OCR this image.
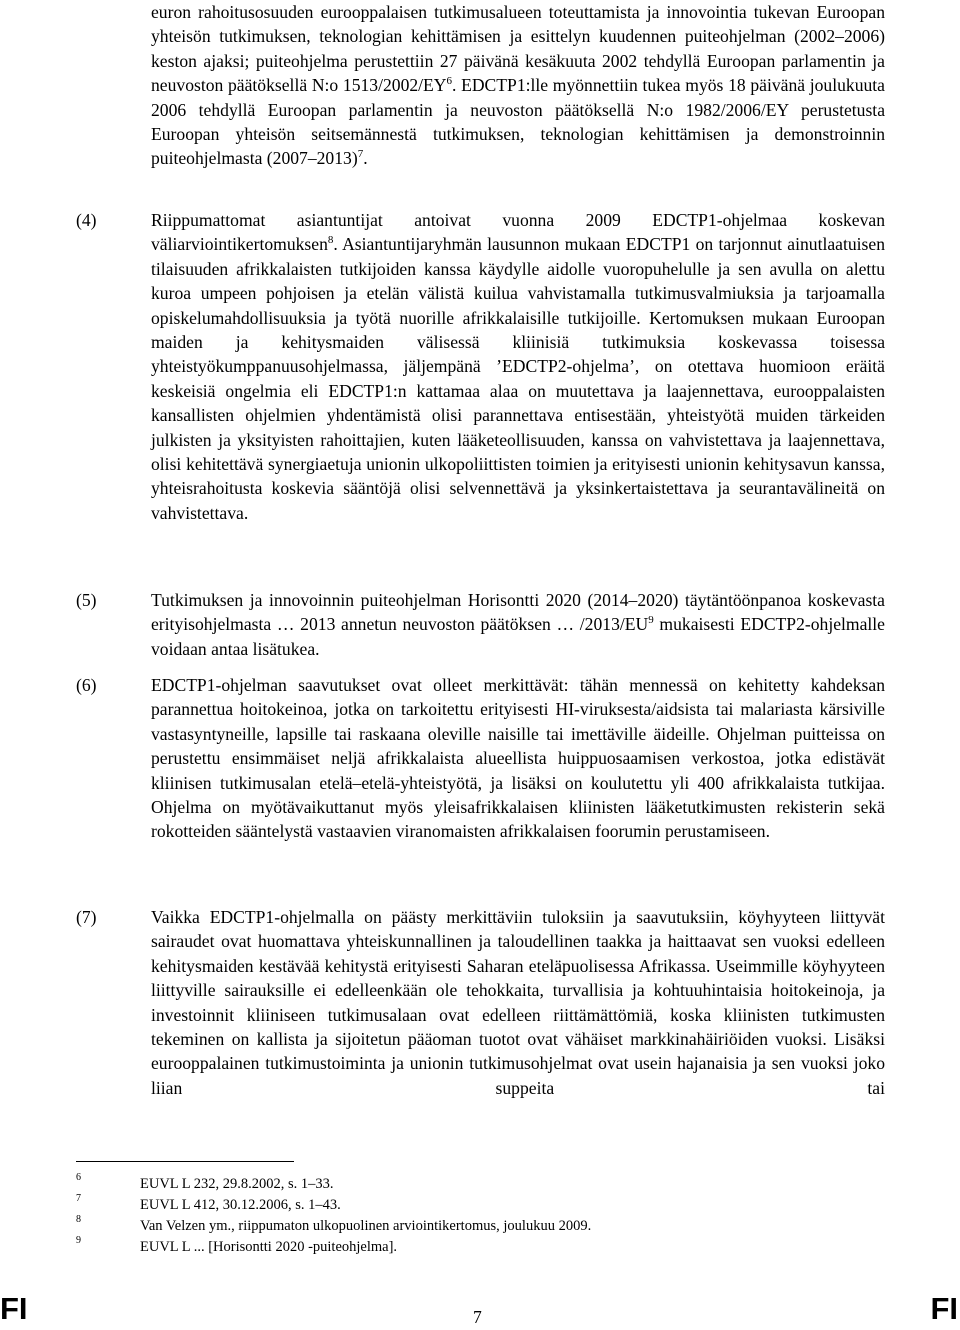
euron rahoitusosuuden eurooppalaisen tutkimusalueen toteuttamista ja innovointia tukevan Euroopan yhteisön tutkimuksen, teknologian kehittämisen ja esittelyn kuudennen puiteohjelman (2002–2006) keston ajaksi; puiteohjelma perustettiin 27 päivänä kesäkuuta 2002 tehdyllä Euroopan parlamentin ja neuvoston päätöksellä N:o $1513/2002/EY^6$. EDCTP1:lle myönnettiin tukea myös 18 päivänä joulukuuta 2006 tehdyllä Euroopan parlamentin ja neuvoston päätöksellä N:o 1982/2006/EY perustetusta Euroopan yhteisön seitsemännestä tutkimuksen, teknologian kehittämisen ja demonstroinnin puiteohjelmasta (2007–2013)$^7$.

(4)	Riippumattomat asiantuntijat antoivat vuonna 2009 EDCTP1-ohjelmaa koskevan väliarviointikertomuksen$^8$. Asiantuntijaryhmän lausunnon mukaan EDCTP1 on tarjonnut ainutlaatuisen tilaisuuden afrikkalaisten tutkijoiden kanssa käydylle aidolle vuoropuhelulle ja sen avulla on alettu kuroa umpeen pohjoisen ja etelän välistä kuilua vahvistamalla tutkimusvalmiuksia ja tarjoamalla opiskelumahdollisuuksia ja työtä nuorille afrikkalaisille tutkijoille. Kertomuksen mukaan Euroopan maiden ja kehitysmaiden välisessä kliinisiä tutkimuksia koskevassa toisessa yhteistyökumppanuusohjelmassa, jäljempänä ’EDCTP2-ohjelma’, on otettava huomioon eräitä keskeisiä ongelmia eli EDCTP1:n kattamaa alaa on muutettava ja laajennettava, eurooppalaisten kansallisten ohjelmien yhdentämistä olisi parannettava entisestään, yhteistyötä muiden tärkeiden julkisten ja yksityisten rahoittajien, kuten lääketeollisuuden, kanssa on vahvistettava ja laajennettava, olisi kehitettävä synergiaetuja unionin ulkopoliittisten toimien ja erityisesti unionin kehitysavun kanssa, yhteisrahoitusta koskevia sääntöjä olisi selvennettävä ja yksinkertaistettava ja seurantavälineitä on vahvistettava.

(5)	Tutkimuksen ja innovoinnin puiteohjelman Horisontti 2020 (2014–2020) täytäntöönpanoa koskevasta erityisohjelmasta … 2013 annetun neuvoston päätöksen … $/2013/EU^9$ mukaisesti EDCTP2-ohjelmalle voidaan antaa lisätukea.

(6)	EDCTP1-ohjelman saavutukset ovat olleet merkittävät: tähän mennessä on kehitetty kahdeksan parannettua hoitokeinoa, jotka on tarkoitettu erityisesti HI-viruksesta/aidsista tai malariasta kärsiville vastasyntyneille, lapsille tai raskaana oleville naisille tai imettäville äideille. Ohjelman puitteissa on perustettu ensimmäiset neljä afrikkalaista alueellista huippuosaamisen verkostoa, jotka edistävät kliinisen tutkimusalan etelä–etelä-yhteistyötä, ja lisäksi on koulutettu yli 400 afrikkalaista tutkijaa. Ohjelma on myötävaikuttanut myös yleisafrikkalaisen kliinisten lääketutkimusten rekisterin sekä rokotteiden sääntelystä vastaavien viranomaisten afrikkalaisen foorumin perustamiseen.

(7)	Vaikka EDCTP1-ohjelmalla on päästy merkittäviin tuloksiin ja saavutuksiin, köyhyyteen liittyvät sairaudet ovat huomattava yhteiskunnallinen ja taloudellinen taakka ja haittaavat sen vuoksi edelleen kehitysmaiden kestävää kehitystä erityisesti Saharan eteläpuolisessa Afrikassa. Useimmille köyhyyteen liittyville sairauksille ei edelleenkään ole tehokkaita, turvallisia ja kohtuuhintaisia hoitokeinoja, ja investoinnit kliiniseen tutkimusalaan ovat edelleen riittämättömiä, koska kliinisten tutkimusten tekeminen on kallista ja sijoitetun pääoman tuotot ovat vähäiset markkinahäiriöiden vuoksi. Lisäksi eurooppalainen tutkimustoiminta ja unionin tutkimusohjelmat ovat usein hajanaisia ja sen vuoksi joko liian suppeita tai

6	EUVL L 232, 29.8.2002, s. 1–33.
7	EUVL L 412, 30.12.2006, s. 1–43.
8	Van Velzen ym., riippumaton ulkopuolinen arviointikertomus, joulukuu 2009.
9	EUVL L ... [Horisontti 2020 -puiteohjelma].

FI	7	FI
